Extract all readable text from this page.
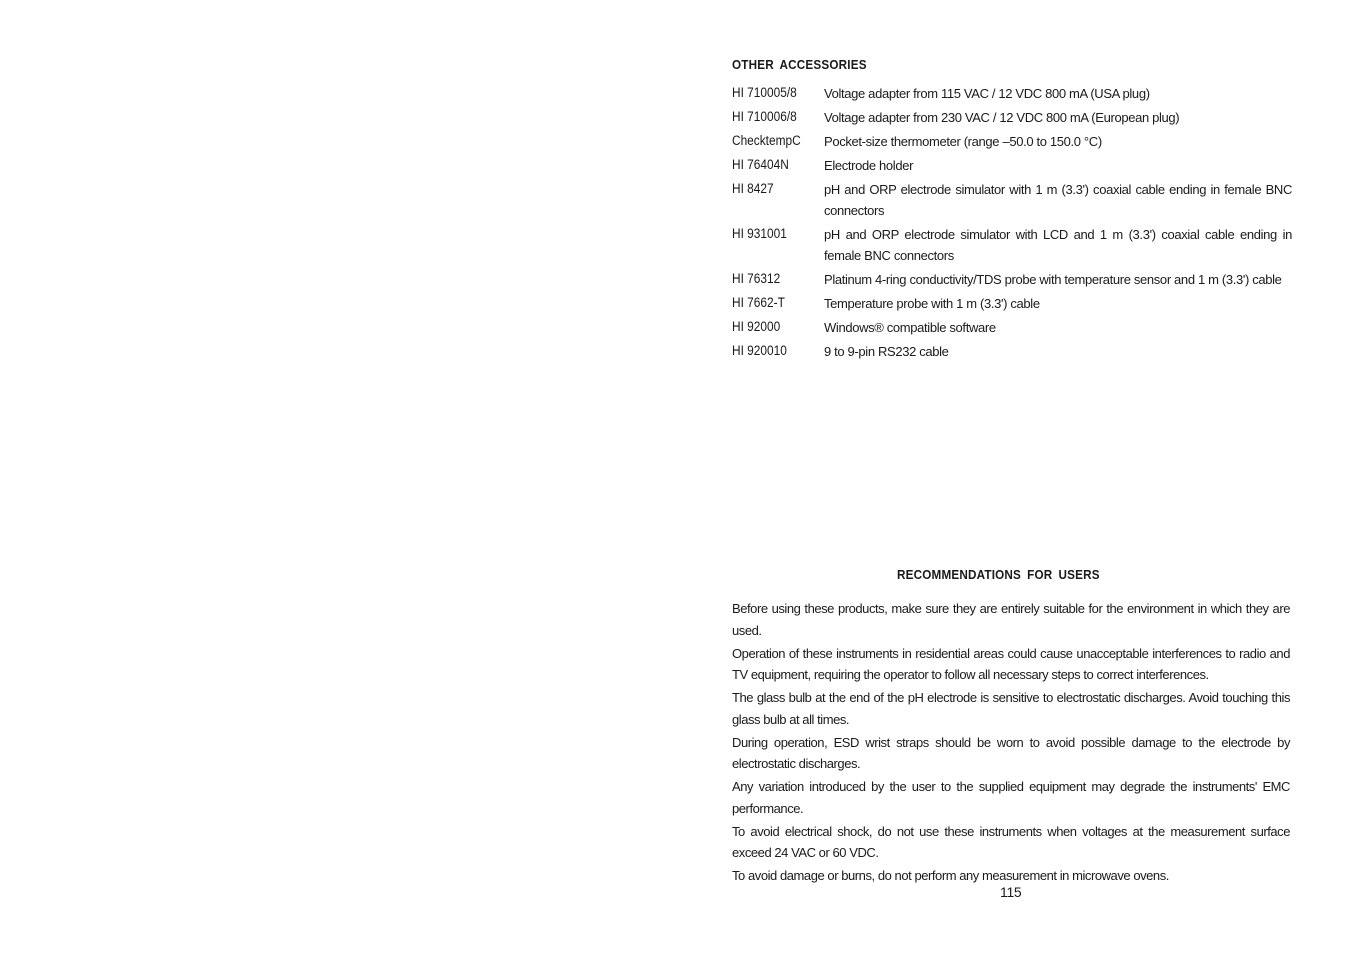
OTHER ACCESSORIES
HI 710005/8	Voltage adapter from 115 VAC / 12 VDC 800 mA (USA plug)
HI 710006/8	Voltage adapter from 230 VAC / 12 VDC 800 mA (European plug)
ChecktempC	Pocket-size thermometer (range –50.0 to 150.0 °C)
HI 76404N	Electrode holder
HI 8427	pH and ORP electrode simulator with 1 m (3.3') coaxial cable ending in female BNC connectors
HI 931001	pH and ORP electrode simulator with LCD and 1 m (3.3') coaxial cable ending in female BNC connectors
HI 76312	Platinum 4-ring conductivity/TDS probe with temperature sensor and 1 m (3.3') cable
HI 7662-T	Temperature probe with 1 m (3.3') cable
HI 92000	Windows® compatible software
HI 920010	9 to 9-pin RS232 cable
RECOMMENDATIONS FOR USERS

Before using these products, make sure they are entirely suitable for the environment in which they are used.

Operation of these instruments in residential areas could cause unacceptable interferences to radio and TV equipment, requiring the operator to follow all necessary steps to correct interferences.

The glass bulb at the end of the pH electrode is sensitive to electrostatic discharges. Avoid touching this glass bulb at all times.

During operation, ESD wrist straps should be worn to avoid possible damage to the electrode by electrostatic discharges.

Any variation introduced by the user to the supplied equipment may degrade the instruments' EMC performance.

To avoid electrical shock, do not use these instruments when voltages at the measurement surface exceed 24 VAC or 60 VDC.

To avoid damage or burns, do not perform any measurement in microwave ovens.

115
